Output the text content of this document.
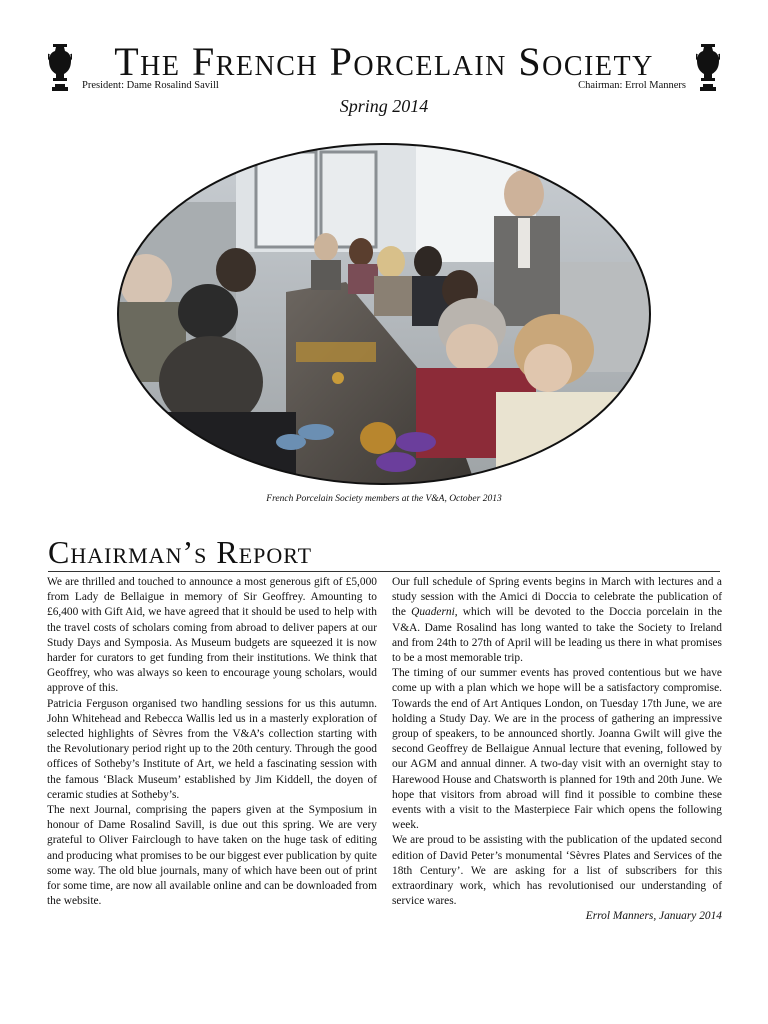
The French Porcelain Society
President: Dame Rosalind Savill	Chairman: Errol Manners
Spring 2014
French Porcelain Society members at the V&A, October 2013
Chairman’s Report

We are thrilled and touched to announce a most generous gift of £5,000 from Lady de Bellaigue in memory of Sir Geoffrey. Amounting to £6,400 with Gift Aid, we have agreed that it should be used to help with the travel costs of scholars coming from abroad to deliver papers at our Study Days and Symposia. As Museum budgets are squeezed it is now harder for curators to get funding from their institutions. We think that Geoffrey, who was always so keen to encourage young scholars, would approve of this.

Patricia Ferguson organised two handling sessions for us this autumn. John Whitehead and Rebecca Wallis led us in a masterly exploration of selected highlights of Sèvres from the V&A’s collection starting with the Revolutionary period right up to the 20th century. Through the good offices of Sotheby’s Institute of Art, we held a fascinating session with the famous ‘Black Museum’ established by Jim Kiddell, the doyen of ceramic studies at Sotheby’s.

The next Journal, comprising the papers given at the Symposium in honour of Dame Rosalind Savill, is due out this spring. We are very grateful to Oliver Fairclough to have taken on the huge task of editing and producing what promises to be our biggest ever publication by quite some way. The old blue journals, many of which have been out of print for some time, are now all available online and can be downloaded from the website.

Our full schedule of Spring events begins in March with lectures and a study session with the Amici di Doccia to celebrate the publication of the Quaderni, which will be devoted to the Doccia porcelain in the V&A. Dame Rosalind has long wanted to take the Society to Ireland and from 24th to 27th of April will be leading us there in what promises to be a most memorable trip.

The timing of our summer events has proved contentious but we have come up with a plan which we hope will be a satisfactory compromise. Towards the end of Art Antiques London, on Tuesday 17th June, we are holding a Study Day. We are in the process of gathering an impressive group of speakers, to be announced shortly. Joanna Gwilt will give the second Geoffrey de Bellaigue Annual lecture that evening, followed by our AGM and annual dinner. A two-day visit with an overnight stay to Harewood House and Chatsworth is planned for 19th and 20th June. We hope that visitors from abroad will find it possible to combine these events with a visit to the Masterpiece Fair which opens the following week.

We are proud to be assisting with the publication of the updated second edition of David Peter’s monumental ‘Sèvres Plates and Services of the 18th Century’. We are asking for a list of subscribers for this extraordinary work, which has revolutionised our understanding of service wares.

Errol Manners, January 2014
